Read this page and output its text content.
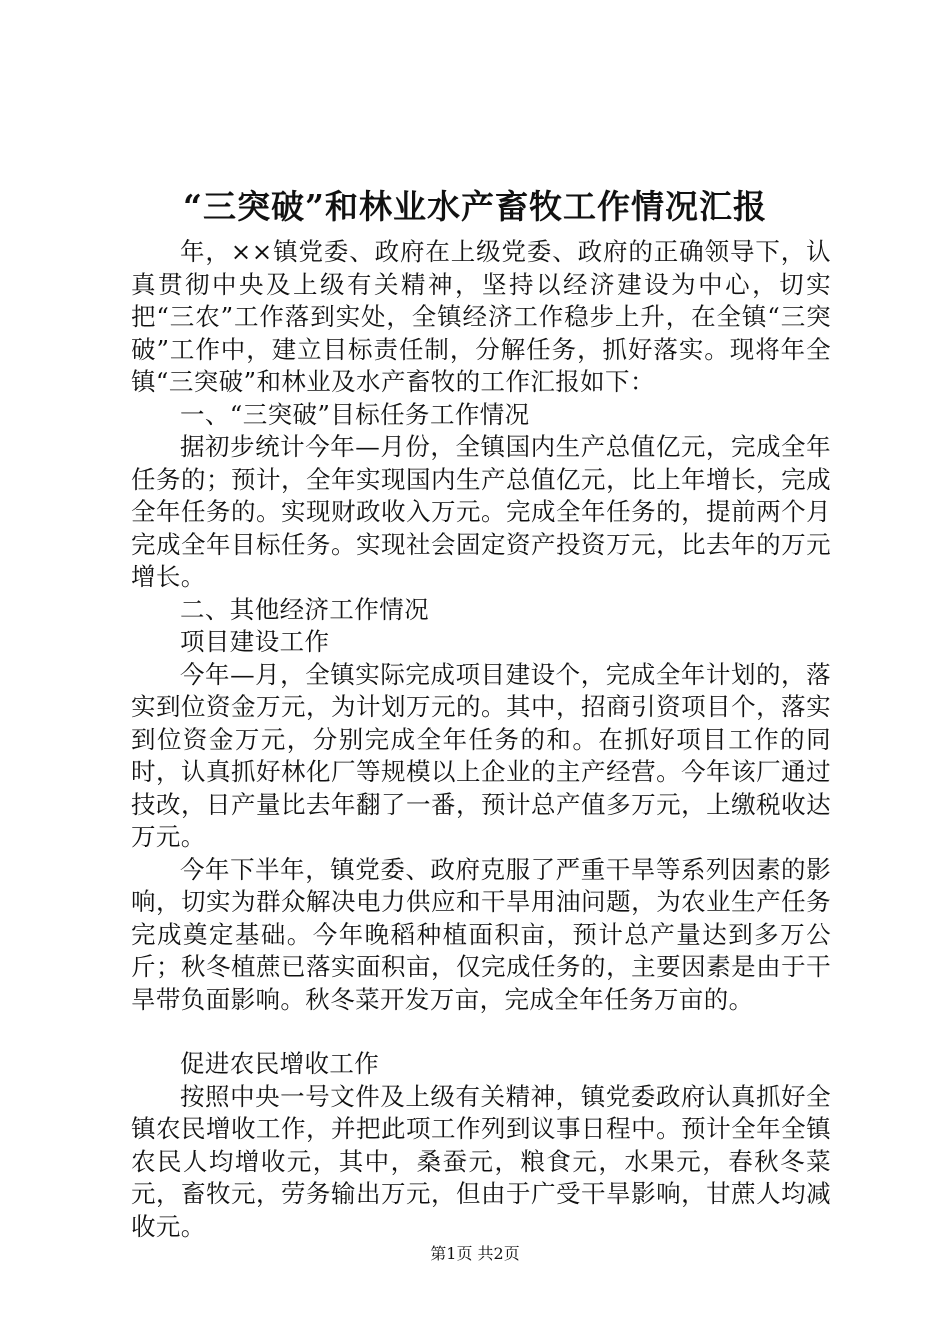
“三突破”和林业水产畜牧工作情况汇报

年，××镇党委、政府在上级党委、政府的正确领导下，认真贯彻中央及上级有关精神，坚持以经济建设为中心，切实把“三农”工作落到实处，全镇经济工作稳步上升，在全镇“三突破”工作中，建立目标责任制，分解任务，抓好落实。现将年全镇“三突破”和林业及水产畜牧的工作汇报如下：

一、“三突破”目标任务工作情况

据初步统计今年—月份，全镇国内生产总值亿元，完成全年任务的；预计，全年实现国内生产总值亿元，比上年增长，完成全年任务的。实现财政收入万元。完成全年任务的，提前两个月完成全年目标任务。实现社会固定资产投资万元，比去年的万元增长。

二、其他经济工作情况

项目建设工作

今年—月，全镇实际完成项目建设个，完成全年计划的，落实到位资金万元，为计划万元的。其中，招商引资项目个，落实到位资金万元，分别完成全年任务的和。在抓好项目工作的同时，认真抓好林化厂等规模以上企业的主产经营。今年该厂通过技改，日产量比去年翻了一番，预计总产值多万元，上缴税收达万元。

今年下半年，镇党委、政府克服了严重干旱等系列因素的影响，切实为群众解决电力供应和干旱用油问题，为农业生产任务完成奠定基础。今年晚稻种植面积亩，预计总产量达到多万公斤；秋冬植蔗已落实面积亩，仅完成任务的，主要因素是由于干旱带负面影响。秋冬菜开发万亩，完成全年任务万亩的。

促进农民增收工作

按照中央一号文件及上级有关精神，镇党委政府认真抓好全镇农民增收工作，并把此项工作列到议事日程中。预计全年全镇农民人均增收元，其中，桑蚕元，粮食元，水果元，春秋冬菜元，畜牧元，劳务输出万元，但由于广受干旱影响，甘蔗人均减收元。

第1页 共2页
